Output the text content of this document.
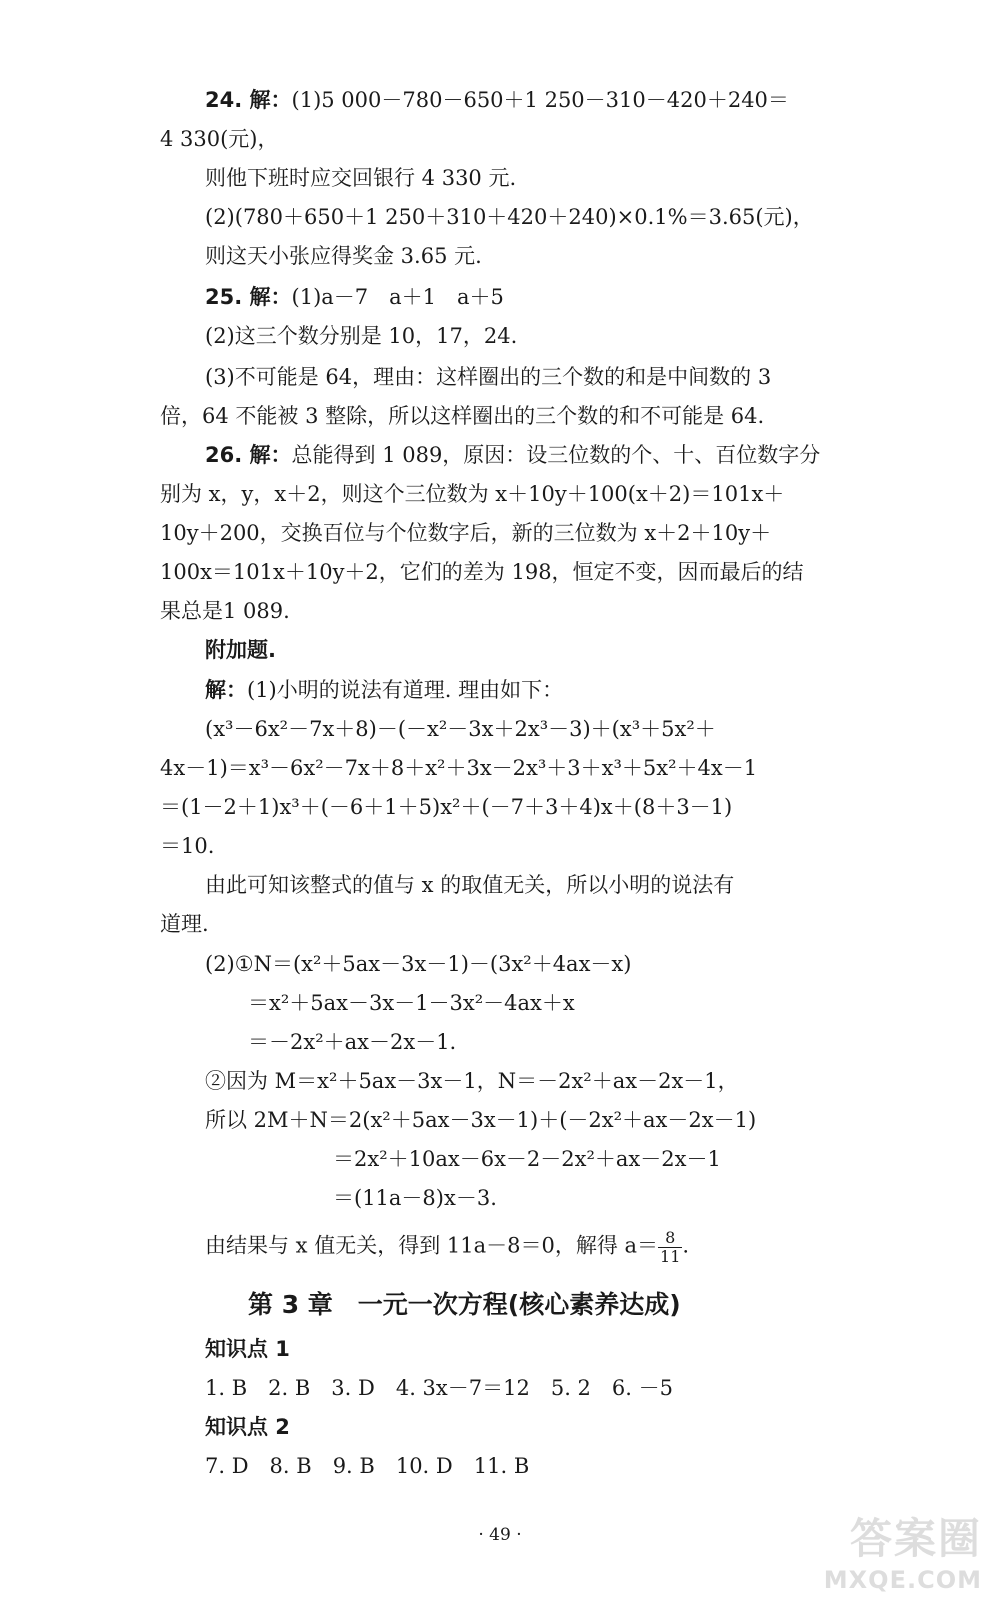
24. 解：(1)5 000－780－650＋1 250－310－420＋240＝
4 330(元)，
则他下班时应交回银行 4 330 元.
(2)(780＋650＋1 250＋310＋420＋240)×0.1%＝3.65(元)，
则这天小张应得奖金 3.65 元.
25. 解：(1)a－7　a＋1　a＋5
(2)这三个数分别是 10，17，24.
(3)不可能是 64，理由：这样圈出的三个数的和是中间数的 3
倍，64 不能被 3 整除，所以这样圈出的三个数的和不可能是 64.
26. 解：总能得到 1 089，原因：设三位数的个、十、百位数字分
别为 x，y，x＋2，则这个三位数为 x＋10y＋100(x＋2)＝101x＋
10y＋200，交换百位与个位数字后，新的三位数为 x＋2＋10y＋
100x＝101x＋10y＋2，它们的差为 198，恒定不变，因而最后的结
果总是1 089.
附加题.
解：(1)小明的说法有道理. 理由如下：
(x³－6x²－7x＋8)－(－x²－3x＋2x³－3)＋(x³＋5x²＋
4x－1)＝x³－6x²－7x＋8＋x²＋3x－2x³＋3＋x³＋5x²＋4x－1
＝(1－2＋1)x³＋(－6＋1＋5)x²＋(－7＋3＋4)x＋(8＋3－1)
＝10.
由此可知该整式的值与 x 的取值无关，所以小明的说法有
道理.
(2)①N＝(x²＋5ax－3x－1)－(3x²＋4ax－x)
＝x²＋5ax－3x－1－3x²－4ax＋x
＝－2x²＋ax－2x－1.
②因为 M＝x²＋5ax－3x－1，N＝－2x²＋ax－2x－1，
所以 2M＋N＝2(x²＋5ax－3x－1)＋(－2x²＋ax－2x－1)
＝2x²＋10ax－6x－2－2x²＋ax－2x－1
＝(11a－8)x－3.
由结果与 x 值无关，得到 11a－8＝0，解得 $a= \frac{8}{11}$ .
第 3 章　一元一次方程(核心素养达成)
知识点 1
1. B　2. B　3. D　4. 3x－7＝12　5. 2　6. －5
知识点 2
7. D　8. B　9. B　10. D　11. B
· 49 ·	答案圈
MXQE.COM
